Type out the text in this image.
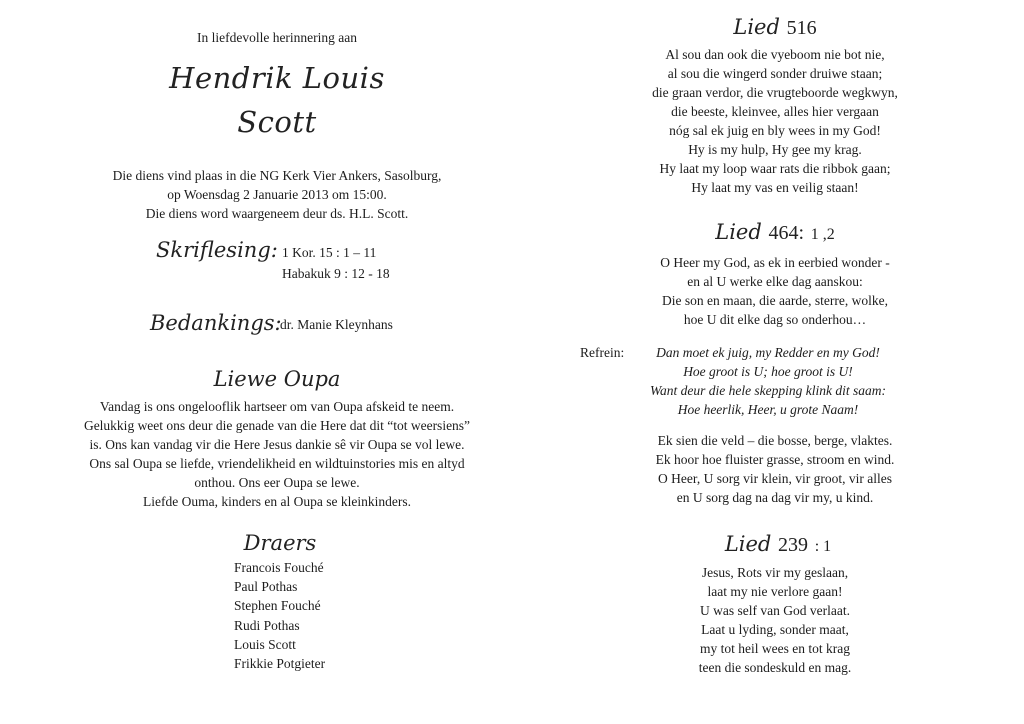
In liefdevolle herinnering aan
Hendrik Louis
Scott
Die diens vind plaas in die NG Kerk Vier Ankers, Sasolburg,
op Woensdag 2 Januarie 2013 om 15:00.
Die diens word waargeneem deur ds. H.L. Scott.
Skriflesing: 1 Kor. 15 : 1 – 11
Habakuk 9 : 12 - 18
Bedankings:
dr. Manie Kleynhans
Liewe Oupa
Vandag is ons ongelooflik hartseer om van Oupa afskeid te neem.
Gelukkig weet ons deur die genade van die Here dat dit “tot weersiens”
is. Ons kan vandag vir die Here Jesus dankie sê vir Oupa se vol lewe.
Ons sal Oupa se liefde, vriendelikheid en wildtuinstories mis en altyd
onthou. Ons eer Oupa se lewe.
Liefde Ouma, kinders en al Oupa se kleinkinders.
Draers
Francois Fouché
Paul Pothas
Stephen Fouché
Rudi Pothas
Louis Scott
Frikkie Potgieter
Lied 516
Al sou dan ook die vyeboom nie bot nie,
al sou die wingerd sonder druiwe staan;
die graan verdor, die vrugteboorde wegkwyn,
die beeste, kleinvee, alles hier vergaan
nóg sal ek juig en bly wees in my God!
Hy is my hulp, Hy gee my krag.
Hy laat my loop waar rats die ribbok gaan;
Hy laat my vas en veilig staan!
Lied 464: 1 ,2
O Heer my God, as ek in eerbied wonder -
en al U werke elke dag aanskou:
Die son en maan, die aarde, sterre, wolke,
hoe U dit elke dag so onderhou…
Refrein:	Dan moet ek juig, my Redder en my God!
Hoe groot is U; hoe groot is U!
Want deur die hele skepping klink dit saam:
Hoe heerlik, Heer, u grote Naam!
Ek sien die veld – die bosse, berge, vlaktes.
Ek hoor hoe fluister grasse, stroom en wind.
O Heer, U sorg vir klein, vir groot, vir alles
en U sorg dag na dag vir my, u kind.
Lied 239 : 1
Jesus, Rots vir my geslaan,
laat my nie verlore gaan!
U was self van God verlaat.
Laat u lyding, sonder maat,
my tot heil wees en tot krag
teen die sondeskuld en mag.
